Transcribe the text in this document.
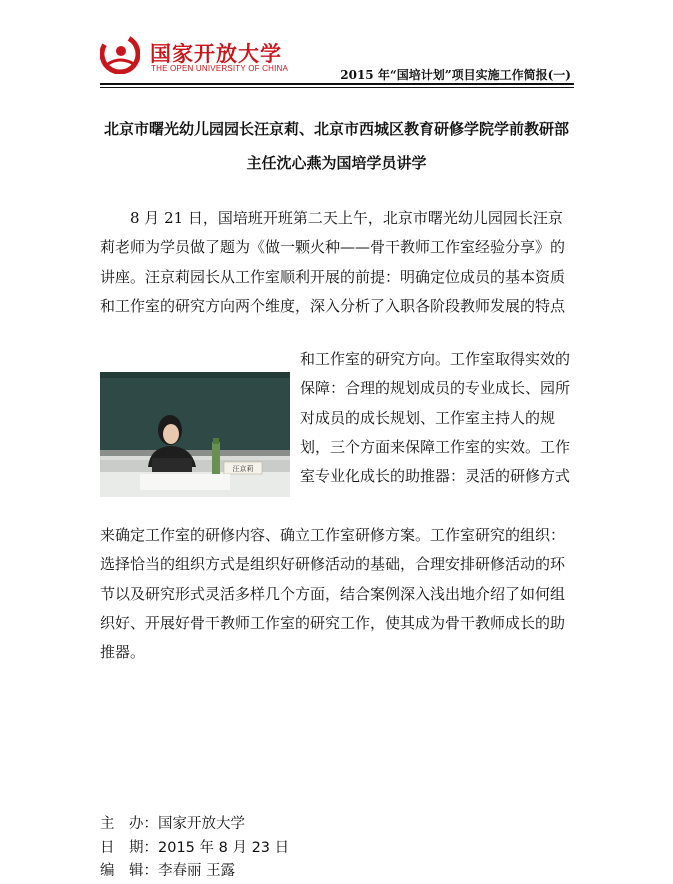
国家开放大学
THE OPEN UNIVERSITY OF CHINA	2015 年“国培计划”项目实施工作简报(一)
北京市曙光幼儿园园长汪京莉、北京市西城区教育研修学院学前教研部
主任沈心燕为国培学员讲学
8 月 21 日，国培班开班第二天上午，北京市曙光幼儿园园长汪京
莉老师为学员做了题为《做一颗火种——骨干教师工作室经验分享》的
讲座。汪京莉园长从工作室顺利开展的前提：明确定位成员的基本资质
和工作室的研究方向两个维度，深入分析了入职各阶段教师发展的特点
汪京莉
和工作室的研究方向。工作室取得实效的
保障：合理的规划成员的专业成长、园所
对成员的成长规划、工作室主持人的规
划，三个方面来保障工作室的实效。工作
室专业化成长的助推器：灵活的研修方式
来确定工作室的研修内容、确立工作室研修方案。工作室研究的组织：
选择恰当的组织方式是组织好研修活动的基础，合理安排研修活动的环
节以及研究形式灵活多样几个方面，结合案例深入浅出地介绍了如何组
织好、开展好骨干教师工作室的研究工作，使其成为骨干教师成长的助
推器。
主　办：国家开放大学
日　期：2015 年 8 月 23 日
编　辑：李春丽 王露
